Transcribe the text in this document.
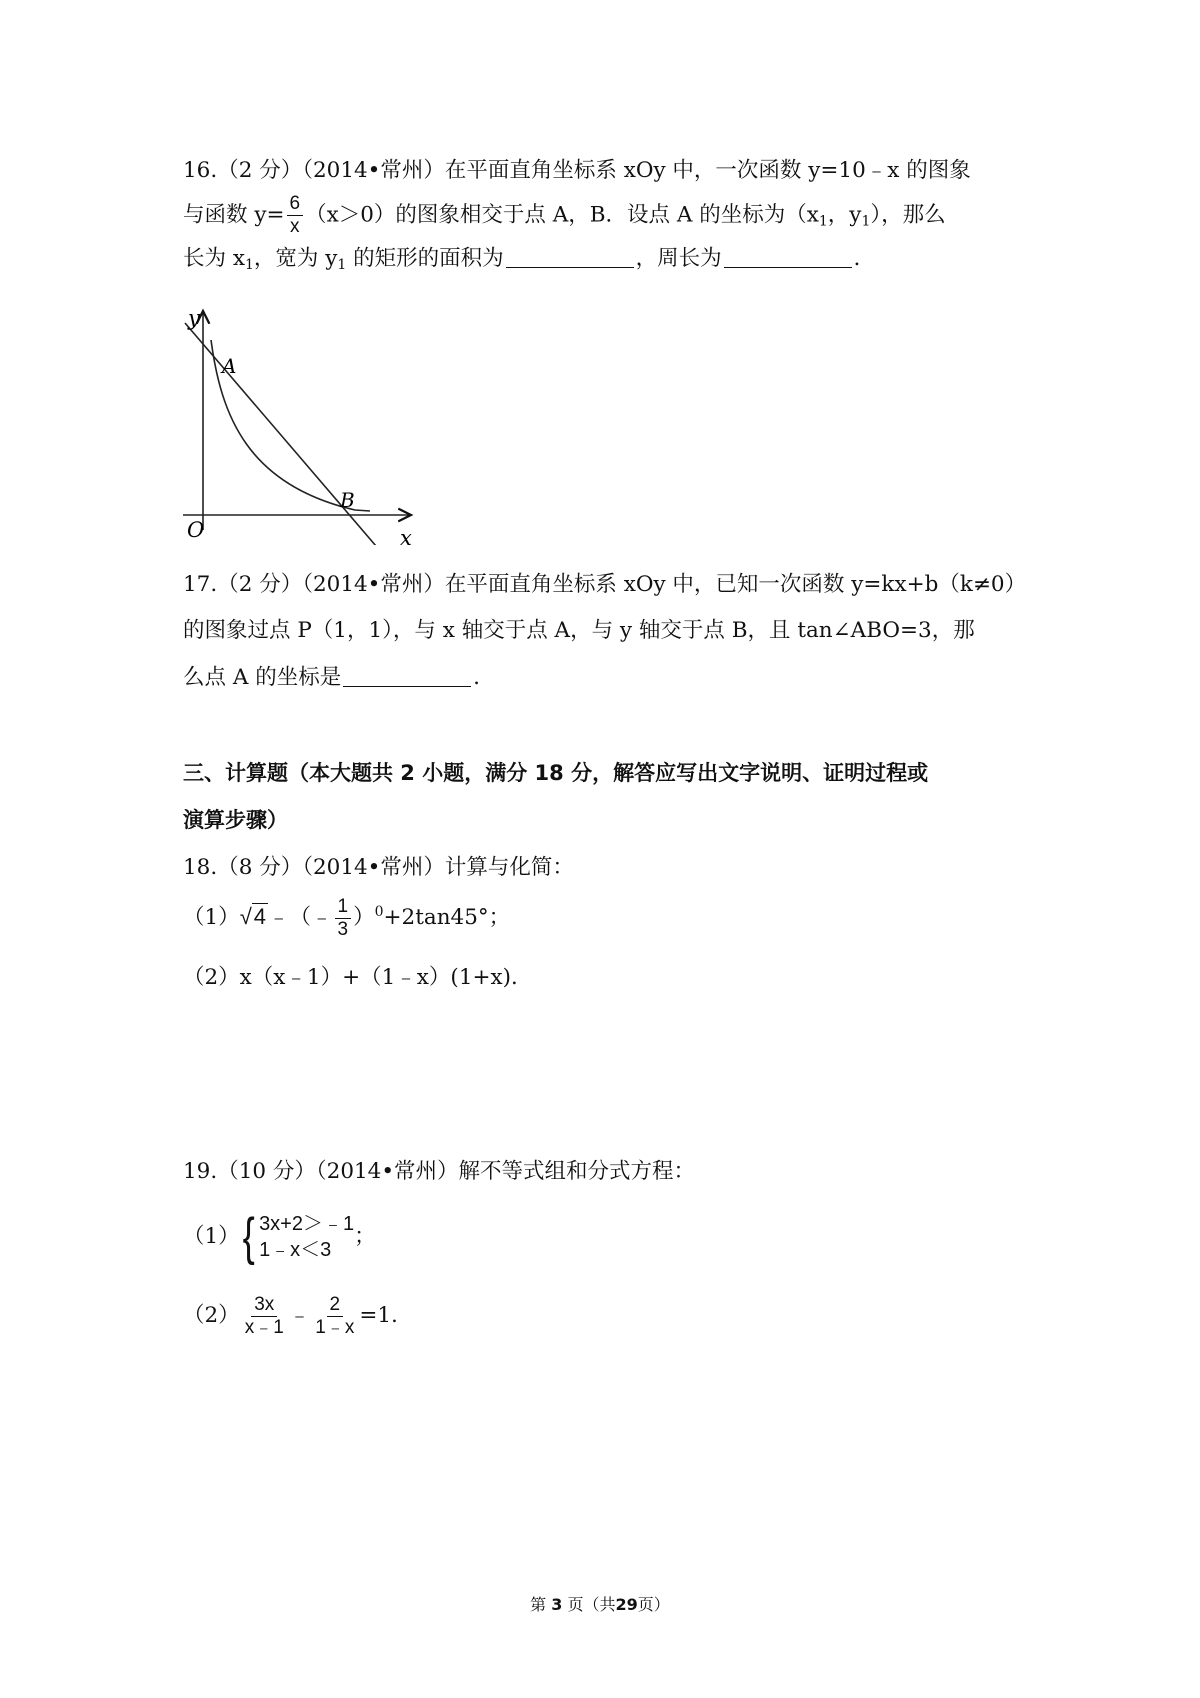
16.（2 分）（2014•常州）在平面直角坐标系 xOy 中，一次函数 y=10﹣x 的图象
与函数 $y= \frac{6}{x} (x>0)$的图象相交于点 A，B．设点 A 的坐标为（$x_1$，$y_1$），那么
长为 $x_1$，宽为 $y_1$ 的矩形的面积为	，周长为	．
y
x
O
A
B
17.（2 分）（2014•常州）在平面直角坐标系 xOy 中，已知一次函数 y=kx+b（k≠0）
的图象过点 P（1，1），与 x 轴交于点 A，与 y 轴交于点 B，且 tan∠ABO=3，那
么点 A 的坐标是	．
三、计算题（本大题共 2 小题，满分 18 分，解答应写出文字说明、证明过程或
演算步骤）
18.（8 分）（2014•常州）计算与化简：
（1）√4﹣（﹣ $\frac{1}{3} )^0+2\tan 45^\circ$；
（2）x（x﹣1）+（1﹣x）(1+x)．
19.（10 分）（2014•常州）解不等式组和分式方程：
（1） { 3x+2＞﹣1
1﹣x＜3
；
$(2) \frac{3x}{x﹣1}$ ﹣ $\frac{2}{1﹣x} =1$.
第 3 页（共29页）
